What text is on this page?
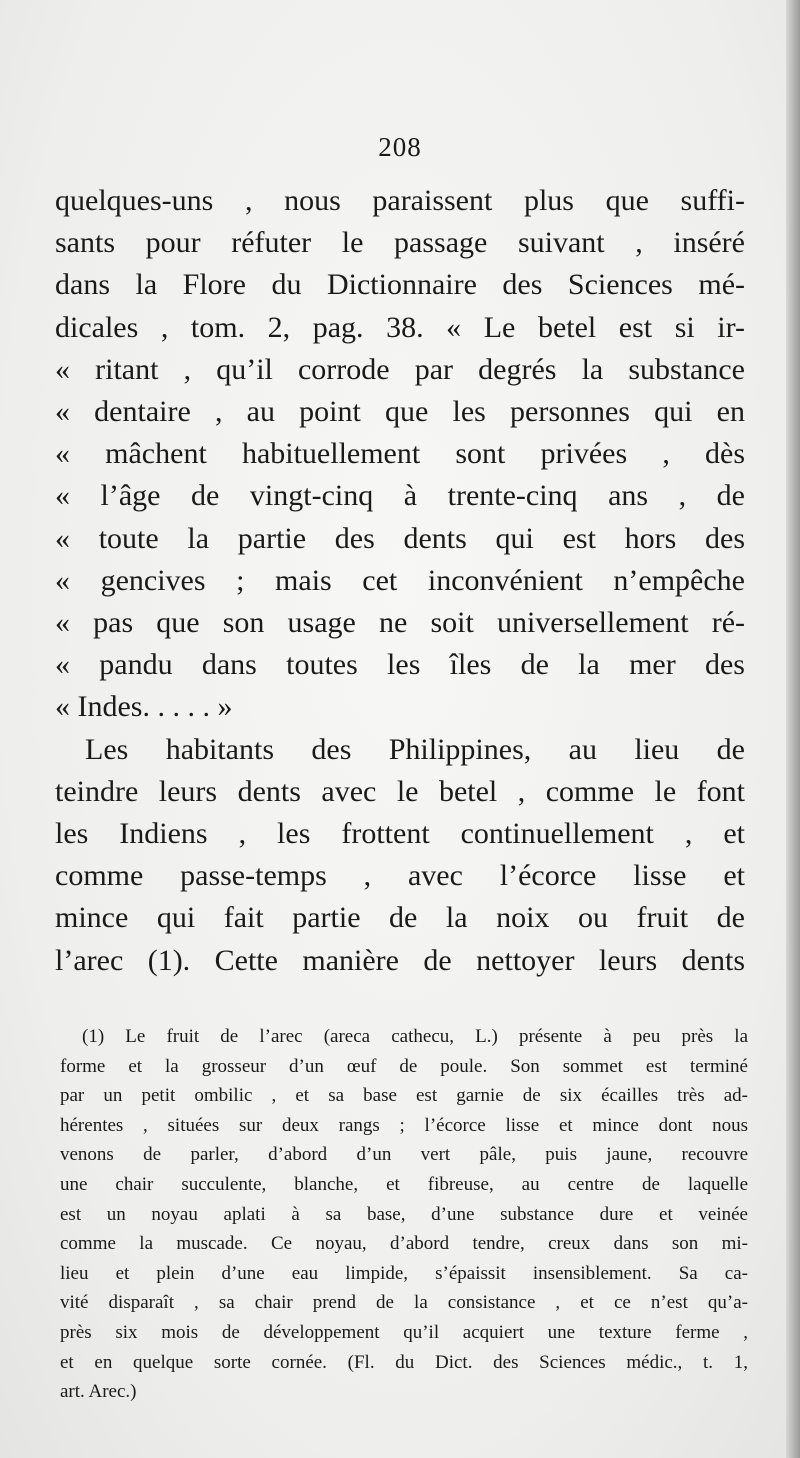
208
quelques-uns , nous paraissent plus que suffi-
sants pour réfuter le passage suivant , inséré
dans la Flore du Dictionnaire des Sciences mé-
dicales , tom. 2, pag. 38. « Le betel est si ir-
« ritant , qu’il corrode par degrés la substance
« dentaire , au point que les personnes qui en
« mâchent habituellement sont privées , dès
« l’âge de vingt-cinq à trente-cinq ans , de
« toute la partie des dents qui est hors des
« gencives ; mais cet inconvénient n’empêche
« pas que son usage ne soit universellement ré-
« pandu dans toutes les îles de la mer des
« Indes. . . . . »
Les habitants des Philippines, au lieu de
teindre leurs dents avec le betel , comme le font
les Indiens , les frottent continuellement , et
comme passe-temps , avec l’écorce lisse et
mince qui fait partie de la noix ou fruit de
l’arec (1). Cette manière de nettoyer leurs dents
(1) Le fruit de l’arec (areca cathecu, L.) présente à peu près la
forme et la grosseur d’un œuf de poule. Son sommet est terminé
par un petit ombilic , et sa base est garnie de six écailles très ad-
hérentes , situées sur deux rangs ; l’écorce lisse et mince dont nous
venons de parler, d’abord d’un vert pâle, puis jaune, recouvre
une chair succulente, blanche, et fibreuse, au centre de laquelle
est un noyau aplati à sa base, d’une substance dure et veinée
comme la muscade. Ce noyau, d’abord tendre, creux dans son mi-
lieu et plein d’une eau limpide, s’épaissit insensiblement. Sa ca-
vité disparaît , sa chair prend de la consistance , et ce n’est qu’a-
près six mois de développement qu’il acquiert une texture ferme ,
et en quelque sorte cornée. (Fl. du Dict. des Sciences médic., t. 1,
art. Arec.)
